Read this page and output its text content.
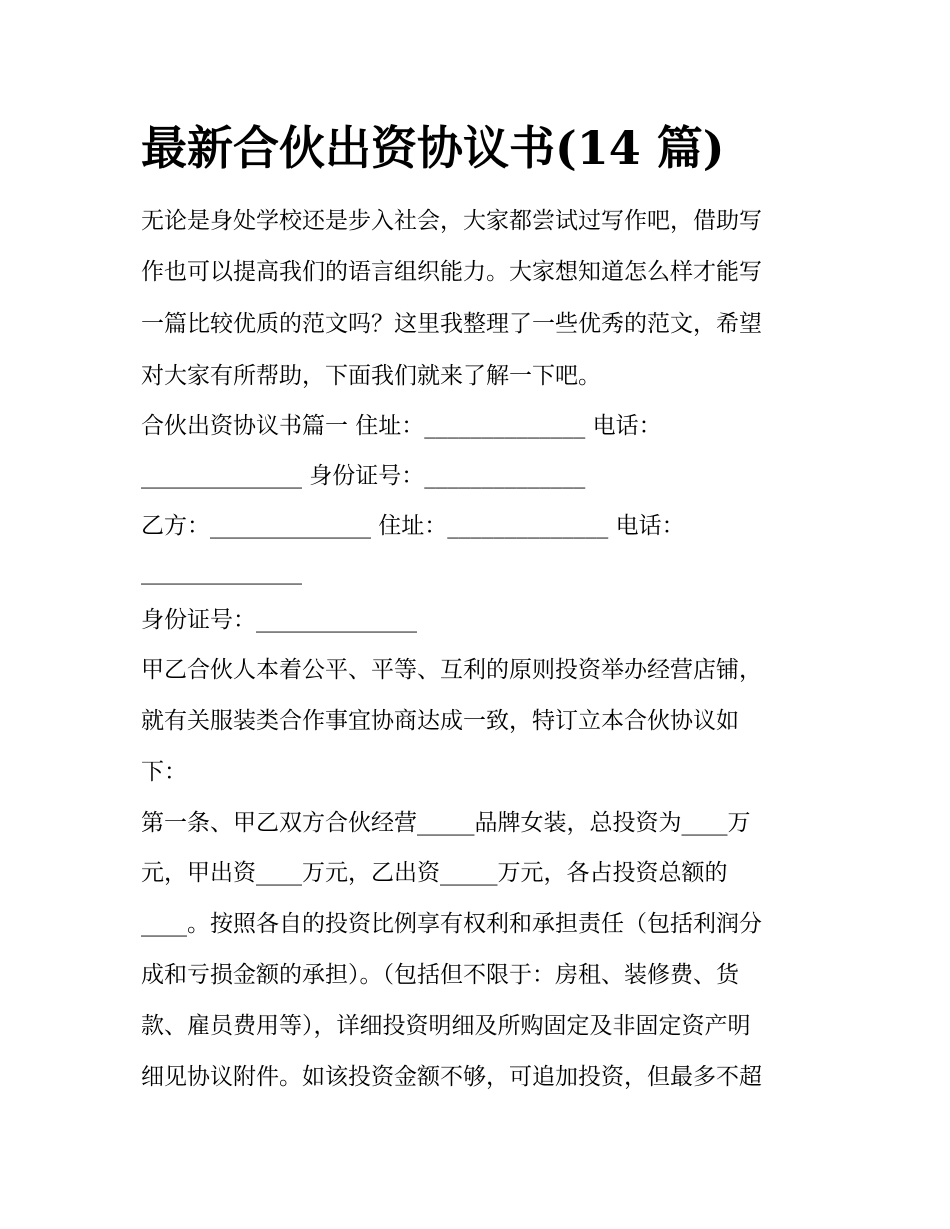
最新合伙出资协议书(14 篇)

无论是身处学校还是步入社会，大家都尝试过写作吧，借助写

作也可以提高我们的语言组织能力。大家想知道怎么样才能写

一篇比较优质的范文吗？这里我整理了一些优秀的范文，希望

对大家有所帮助，下面我们就来了解一下吧。

合伙出资协议书篇一 住址：______________ 电话：

______________ 身份证号：______________

乙方：______________ 住址：______________ 电话：

______________

身份证号：______________

甲乙合伙人本着公平、平等、互利的原则投资举办经营店铺，

就有关服装类合作事宜协商达成一致，特订立本合伙协议如

下：

第一条、甲乙双方合伙经营_____品牌女装，总投资为____万

元，甲出资____万元，乙出资_____万元，各占投资总额的

____。按照各自的投资比例享有权利和承担责任（包括利润分

成和亏损金额的承担）。（包括但不限于：房租、装修费、货

款、雇员费用等），详细投资明细及所购固定及非固定资产明

细见协议附件。如该投资金额不够，可追加投资，但最多不超
